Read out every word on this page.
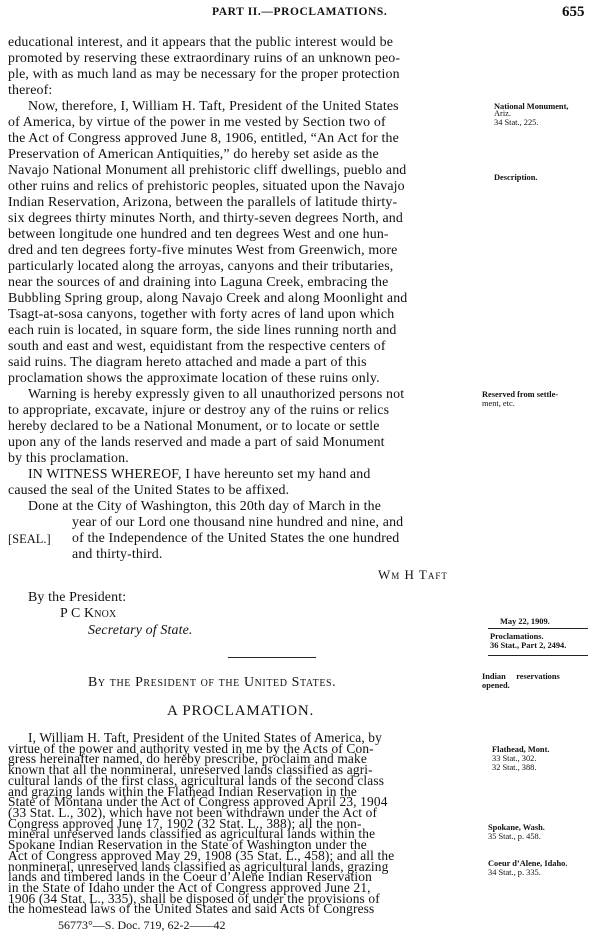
PART II.—PROCLAMATIONS.	655
educational interest, and it appears that the public interest would be
promoted by reserving these extraordinary ruins of an unknown peo-
ple, with as much land as may be necessary for the proper protection
thereof:
Now, therefore, I, William H. Taft, President of the United States
of America, by virtue of the power in me vested by Section two of
the Act of Congress approved June 8, 1906, entitled, “An Act for the
Preservation of American Antiquities,” do hereby set aside as the
Navajo National Monument all prehistoric cliff dwellings, pueblo and
other ruins and relics of prehistoric peoples, situated upon the Navajo
Indian Reservation, Arizona, between the parallels of latitude thirty-
six degrees thirty minutes North, and thirty-seven degrees North, and
between longitude one hundred and ten degrees West and one hun-
dred and ten degrees forty-five minutes West from Greenwich, more
particularly located along the arroyas, canyons and their tributaries,
near the sources of and draining into Laguna Creek, embracing the
Bubbling Spring group, along Navajo Creek and along Moonlight and
Tsagt-at-sosa canyons, together with forty acres of land upon which
each ruin is located, in square form, the side lines running north and
south and east and west, equidistant from the respective centers of
said ruins. The diagram hereto attached and made a part of this
proclamation shows the approximate location of these ruins only.
Warning is hereby expressly given to all unauthorized persons not
to appropriate, excavate, injure or destroy any of the ruins or relics
hereby declared to be a National Monument, or to locate or settle
upon any of the lands reserved and made a part of said Monument
by this proclamation.
IN WITNESS WHEREOF, I have hereunto set my hand and
caused the seal of the United States to be affixed.
Done at the City of Washington, this 20th day of March in the
year of our Lord one thousand nine hundred and nine, and
of the Independence of the United States the one hundred
and thirty-third.
[SEAL.]
Wm H Taft
By the President:
P C Knox
Secretary of State.
By the President of the United States.
A PROCLAMATION.
National Monument,
Ariz.
34 Stat., 225.
Description.
Reserved from settle-
ment, etc.
May 22, 1909.
Proclamations.
36 Stat., Part 2, 2494.
Indian     reservations
opened.
Flathead, Mont.
33 Stat., 302.
32 Stat., 388.
Spokane, Wash.
35 Stat., p. 458.
Coeur d’Alene, Idaho.
34 Stat., p. 335.
56773°—S. Doc. 719, 62-2——42
I, William H. Taft, President of the United States of America, by
virtue of the power and authority vested in me by the Acts of Con-
gress hereinafter named, do hereby prescribe, proclaim and make
known that all the nonmineral, unreserved lands classified as agri-
cultural lands of the first class, agricultural lands of the second class
and grazing lands within the Flathead Indian Reservation in the
State of Montana under the Act of Congress approved April 23, 1904
(33 Stat. L., 302), which have not been withdrawn under the Act of
Congress approved June 17, 1902 (32 Stat. L., 388); all the non-
mineral unreserved lands classified as agricultural lands within the
Spokane Indian Reservation in the State of Washington under the
Act of Congress approved May 29, 1908 (35 Stat. L., 458); and all the
nonmineral, unreserved lands classified as agricultural lands, grazing
lands and timbered lands in the Coeur d’Alene Indian Reservation
in the State of Idaho under the Act of Congress approved June 21,
1906 (34 Stat. L., 335), shall be disposed of under the provisions of
the homestead laws of the United States and said Acts of Congress
